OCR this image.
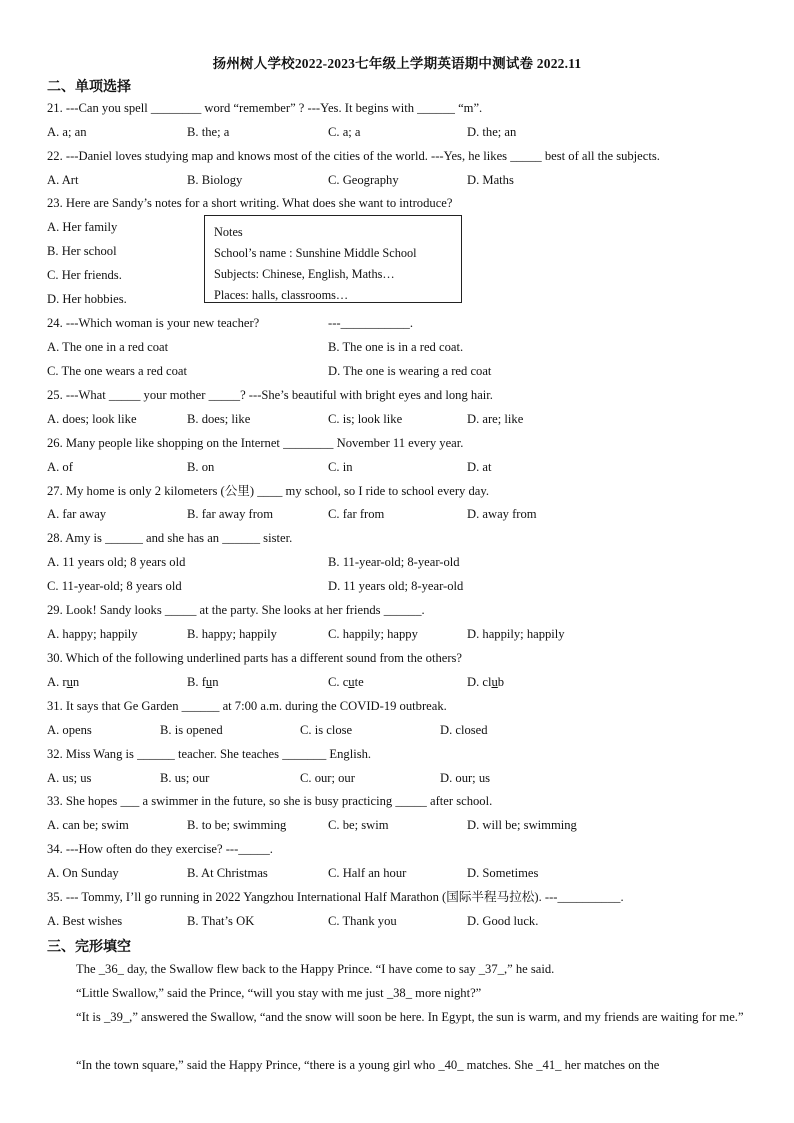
扬州树人学校2022-2023七年级上学期英语期中测试卷 2022.11
二、单项选择
21. ---Can you spell ________ word “remember” ? ---Yes. It begins with ______ “m”.
A. a; an	B. the; a	C. a; a	D. the; an
22. ---Daniel loves studying map and knows most of the cities of the world. ---Yes, he likes _____ best of all the subjects.
A. Art	B. Biology	C. Geography	D. Maths
23. Here are Sandy’s notes for a short writing. What does she want to introduce?
A. Her family
B. Her school
C. Her friends.
D. Her hobbies.
Notes
School’s name : Sunshine Middle School
Subjects: Chinese, English, Maths…
Places: halls, classrooms…
24. ---Which woman is your new teacher?	---___________.
A. The one in a red coat	B. The one is in a red coat.
C. The one wears a red coat	D. The one is wearing a red coat
25. ---What _____ your mother _____? ---She’s beautiful with bright eyes and long hair.
A. does; look like	B. does; like	C. is; look like	D. are; like
26. Many people like shopping on the Internet ________ November 11 every year.
A. of	B. on	C. in	D. at
27. My home is only 2 kilometers (公里) ____ my school, so I ride to school every day.
A. far away	B. far away from	C. far from	D. away from
28. Amy is ______ and she has an ______ sister.
A. 11 years old; 8 years old	B. 11-year-old; 8-year-old
C. 11-year-old; 8 years old	D. 11 years old; 8-year-old
29. Look! Sandy looks _____ at the party. She looks at her friends ______.
A. happy; happily	B. happy; happily	C. happily; happy	D. happily; happily
30. Which of the following underlined parts has a different sound from the others?
A. run	B. fun	C. cute	D. club
31. It says that Ge Garden ______ at 7:00 a.m. during the COVID-19 outbreak.
A. opens	B. is opened	C. is close	D. closed
32. Miss Wang is ______ teacher. She teaches _______ English.
A. us; us	B. us; our	C. our; our	D. our; us
33. She hopes ___ a swimmer in the future, so she is busy practicing _____ after school.
A. can be; swim	B. to be; swimming	C. be; swim	D. will be; swimming
34. ---How often do they exercise? ---_____.
A. On Sunday	B. At Christmas	C. Half an hour	D. Sometimes
35. --- Tommy, I’ll go running in 2022 Yangzhou International Half Marathon (国际半程马拉松). ---__________.
A. Best wishes	B. That’s OK	C. Thank you	D. Good luck.
三、完形填空
The _36_ day, the Swallow flew back to the Happy Prince. “I have come to say _37_,” he said.
“Little Swallow,” said the Prince, “will you stay with me just _38_ more night?”
“It is _39_,” answered the Swallow, “and the snow will soon be here. In Egypt, the sun is warm, and my friends are waiting for me.”
“In the town square,” said the Happy Prince, “there is a young girl who _40_ matches. She _41_ her matches on the
